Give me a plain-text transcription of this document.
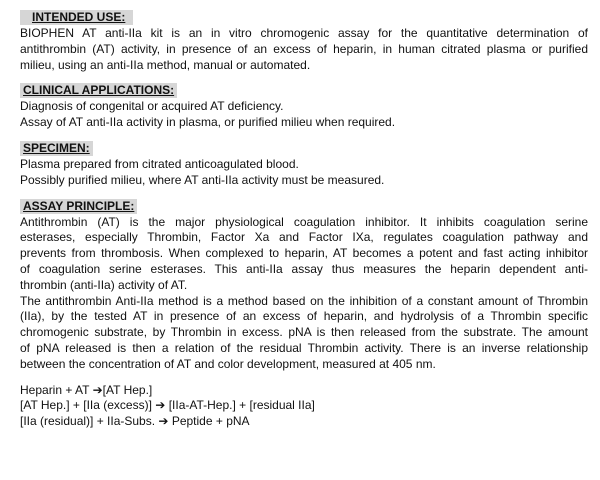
INTENDED USE:
BIOPHEN AT anti-IIa kit is an in vitro chromogenic assay for the quantitative determination of
antithrombin (AT) activity, in presence of an excess of heparin, in human citrated plasma or purified
milieu, using an anti-IIa method, manual or automated.
CLINICAL APPLICATIONS:
Diagnosis of congenital or acquired AT deficiency.
Assay of AT anti-IIa activity in plasma, or purified milieu when required.
SPECIMEN:
Plasma prepared from citrated anticoagulated blood.
Possibly purified milieu, where AT anti-IIa activity must be measured.
ASSAY PRINCIPLE:
Antithrombin (AT) is the major physiological coagulation inhibitor. It inhibits coagulation serine
esterases, especially Thrombin, Factor Xa and Factor IXa, regulates coagulation pathway and
prevents from thrombosis. When complexed to heparin, AT becomes a potent and fast acting inhibitor
of coagulation serine esterases. This anti-IIa assay thus measures the heparin dependent anti-
thrombin (anti-IIa) activity of AT.
The antithrombin Anti-IIa method is a method based on the inhibition of a constant amount of Thrombin
(IIa), by the tested AT in presence of an excess of heparin, and hydrolysis of a Thrombin specific
chromogenic substrate, by Thrombin in excess. pNA is then released from the substrate. The amount
of pNA released is then a relation of the residual Thrombin activity. There is an inverse relationship
between the concentration of AT and color development, measured at 405 nm.
Heparin + AT ➔[AT Hep.]
[AT Hep.] + [IIa (excess)] ➔ [IIa-AT-Hep.] + [residual IIa]
[IIa (residual)] + IIa-Subs. ➔ Peptide + pNA
